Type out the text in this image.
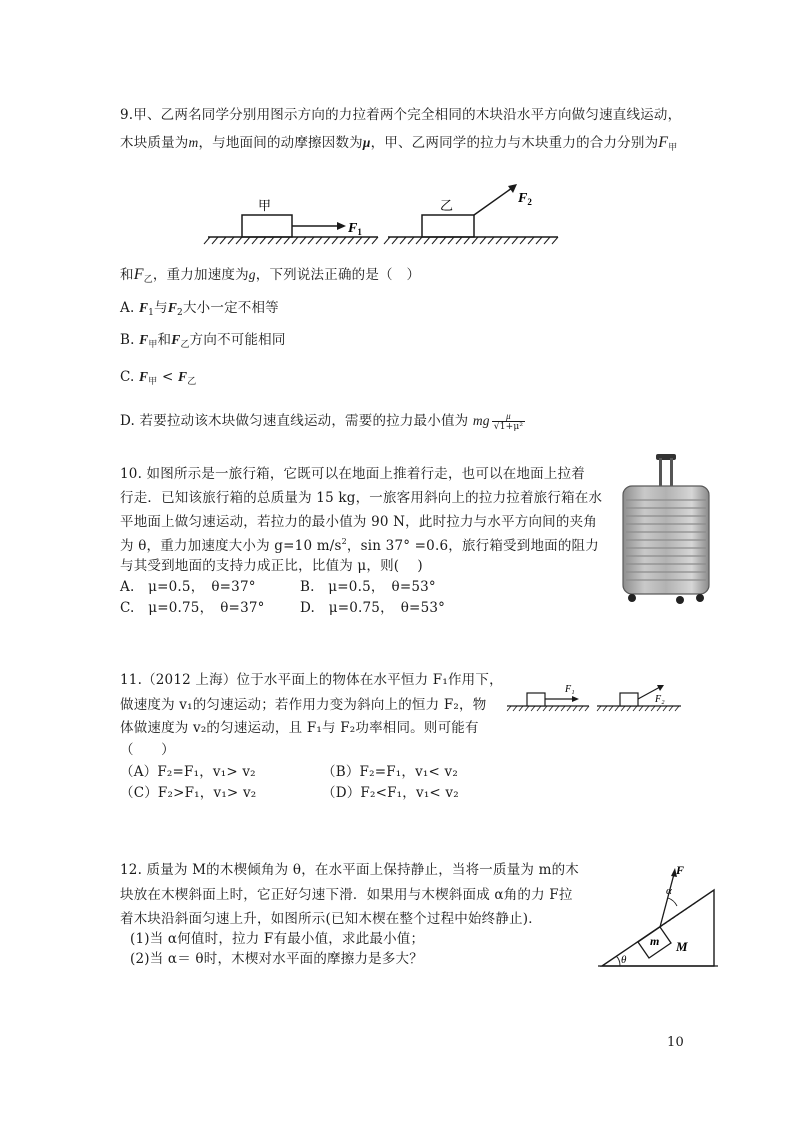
9.甲、乙两名同学分别用图示方向的力拉着两个完全相同的木块沿水平方向做匀速直线运动，
木块质量为m，与地面间的动摩擦因数为μ，甲、乙两同学的拉力与木块重力的合力分别为$F_甲$
甲
$F_1$
乙	$F_2$
和$F_乙$，重力加速度为g，下列说法正确的是（　）
A. $F_1$与$F_2$大小一定不相等
B. $F_甲$和$F_乙$方向不可能相同
C. $F_甲 < F_乙$
D. 若要拉动该木块做匀速直线运动，需要的拉力最小值为 mg $\frac{\mu}{\text{√1+μ²}}$
10. 如图所示是一旅行箱，它既可以在地面上推着行走，也可以在地面上拉着
行走．已知该旅行箱的总质量为 15 kg，一旅客用斜向上的拉力拉着旅行箱在水
平地面上做匀速运动，若拉力的最小值为 90 N，此时拉力与水平方向间的夹角
为 θ，重力加速度大小为 g=10 $m/s^2$，sin 37° =0.6，旅行箱受到地面的阻力
与其受到地面的支持力成正比，比值为 μ，则(　 )
A.　μ=0.5，　θ=37°	B.　μ=0.5，　θ=53°
C.　μ=0.75，　θ=37°	D.　μ=0.75，　θ=53°
11.（2012 上海）位于水平面上的物体在水平恒力 F₁作用下，
做速度为 v₁的匀速运动；若作用力变为斜向上的恒力 F₂，物
体做速度为 v₂的匀速运动，且 F₁与 F₂功率相同。则可能有
（　　）
（A）F₂=F₁，v₁> v₂	（B）F₂=F₁，v₁< v₂
（C）F₂>F₁，v₁> v₂	（D）F₂<F₁，v₁< v₂
F₁
F₂
12. 质量为 M的木楔倾角为 θ，在水平面上保持静止，当将一质量为 m的木
块放在木楔斜面上时，它正好匀速下滑．如果用与木楔斜面成 α角的力 F拉
着木块沿斜面匀速上升，如图所示(已知木楔在整个过程中始终静止)．
(1)当 α何值时，拉力 F有最小值，求此最小值；
(2)当 α＝ θ时，木楔对水平面的摩擦力是多大？
m
F
α
M
θ
10
